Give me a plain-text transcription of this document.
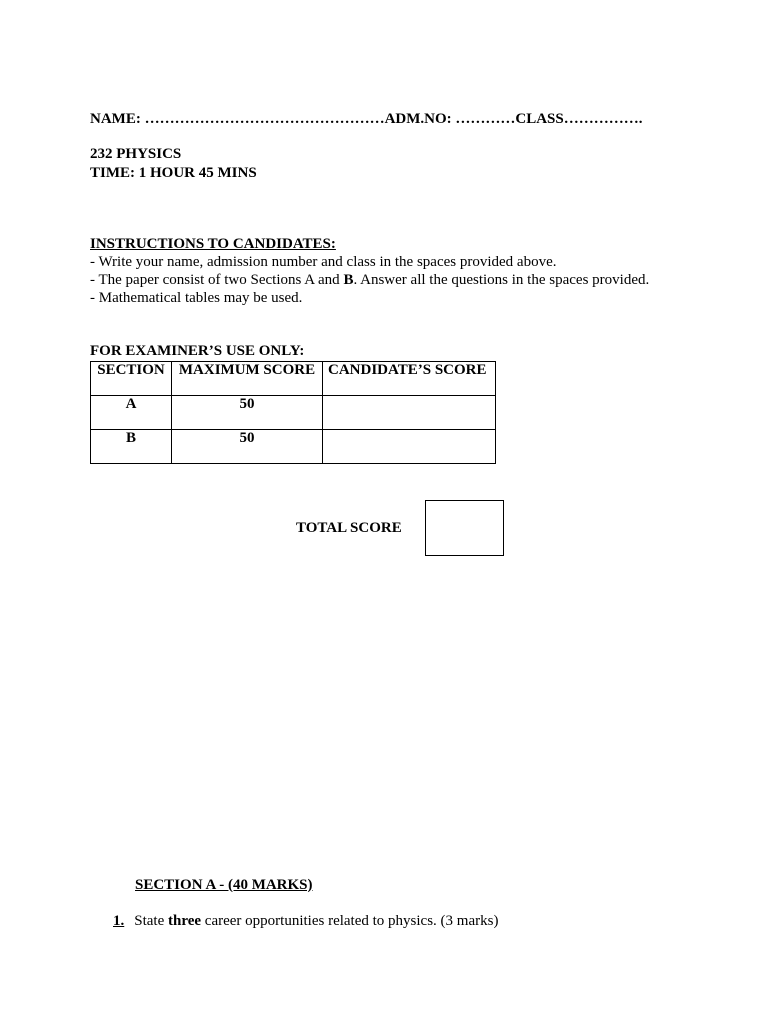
NAME: …………………………………………ADM.NO: …………CLASS…………….
232 PHYSICS
TIME: 1 HOUR 45 MINS
INSTRUCTIONS TO CANDIDATES:
- Write your name, admission number and class in the spaces provided above.
- The paper consist of two Sections A and B. Answer all the questions in the spaces provided.
- Mathematical tables may be used.
FOR EXAMINER’S USE ONLY:
SECTION	MAXIMUM SCORE	CANDIDATE’S SCORE
A	50	
B	50	
TOTAL SCORE
SECTION A - (40 MARKS)
1. State three career opportunities related to physics. (3 marks)
